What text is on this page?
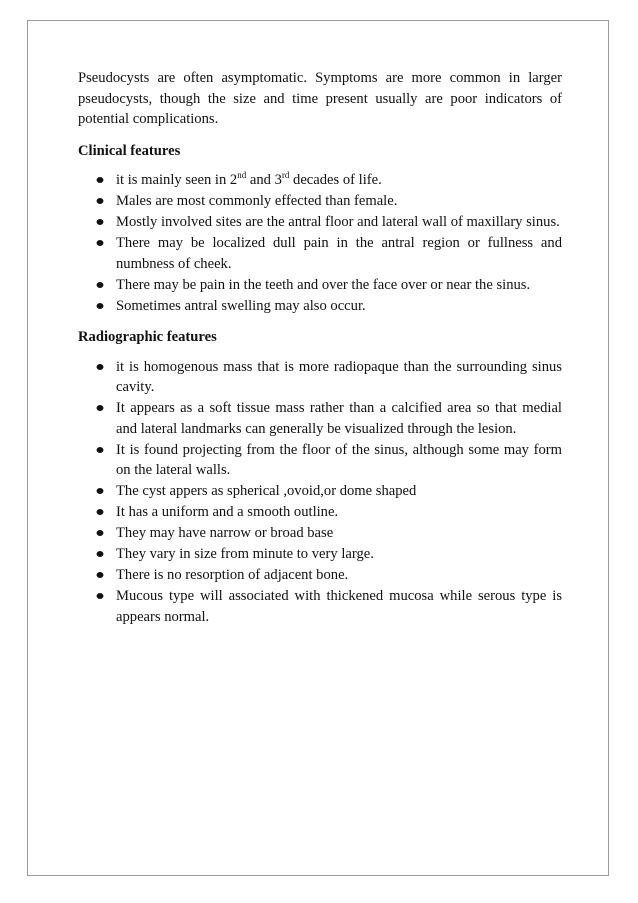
Pseudocysts are often asymptomatic. Symptoms are more common in larger pseudocysts, though the size and time present usually are poor indicators of potential complications.

Clinical features
it is mainly seen in 2nd and 3rd decades of life.
Males are most commonly effected than female.
Mostly involved sites are the antral floor and lateral wall of maxillary sinus.
There may be localized dull pain in the antral region or fullness and numbness of cheek.
There may be pain in the teeth and over the face over or near the sinus.
Sometimes antral swelling may also occur.
Radiographic features
it is homogenous mass that is more radiopaque than the surrounding sinus cavity.
It appears as a soft tissue mass rather than a calcified area so that medial and lateral landmarks can generally be visualized through the lesion.
It is found projecting from the floor of the sinus, although some may form on the lateral walls.
The cyst appers as spherical ,ovoid,or dome shaped
It has a uniform and a smooth outline.
They may have narrow or broad base
They vary in size from minute to very large.
There is no resorption of adjacent bone.
Mucous type will associated with thickened mucosa while serous type is appears normal.
